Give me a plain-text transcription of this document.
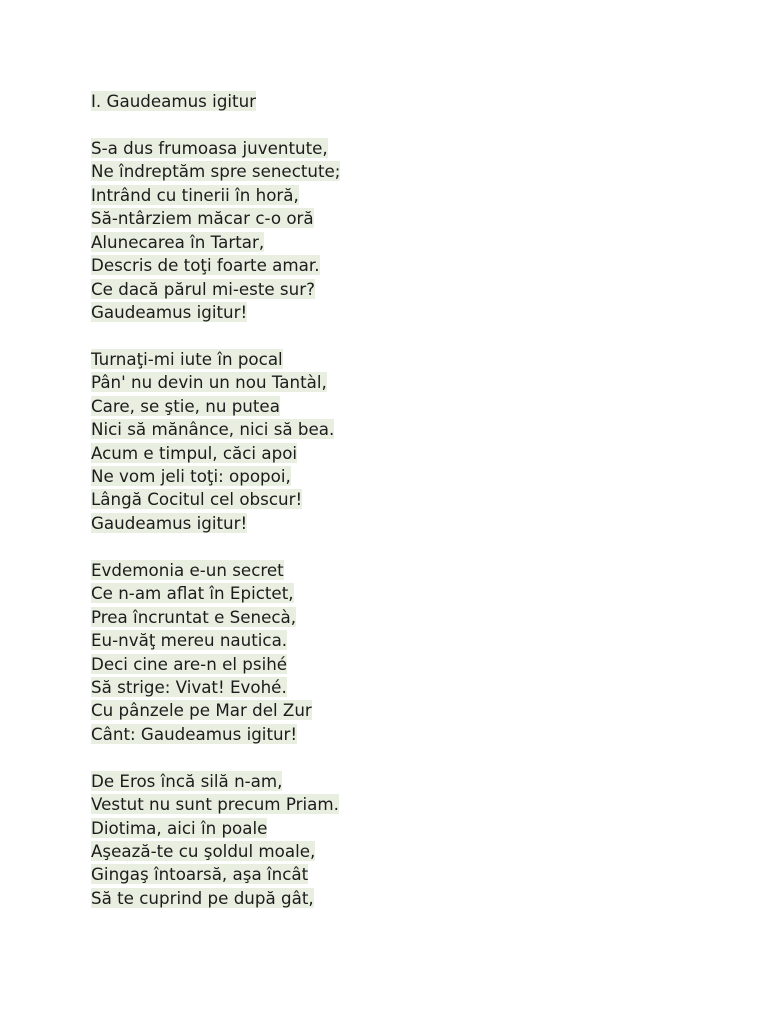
I. Gaudeamus igitur
S-a dus frumoasa juventute,
Ne îndreptăm spre senectute;
Intrând cu tinerii în horă,
Să-ntârziem măcar c-o oră
Alunecarea în Tartar,
Descris de toţi foarte amar.
Ce dacă părul mi-este sur?
Gaudeamus igitur!
Turnaţi-mi iute în pocal
Pân' nu devin un nou Tantàl,
Care, se ştie, nu putea
Nici să mănânce, nici să bea.
Acum e timpul, căci apoi
Ne vom jeli toţi: opopoi,
Lângă Cocitul cel obscur!
Gaudeamus igitur!
Evdemonia e-un secret
Ce n-am aflat în Epictet,
Prea încruntat e Senecà,
Eu-nvăţ mereu nautica.
Deci cine are-n el psihé
Să strige: Vivat! Evohé.
Cu pânzele pe Mar del Zur
Cânt: Gaudeamus igitur!
De Eros încă silă n-am,
Vestut nu sunt precum Priam.
Diotima, aici în poale
Aşează-te cu şoldul moale,
Gingaş întoarsă, aşa încât
Să te cuprind pe după gât,
